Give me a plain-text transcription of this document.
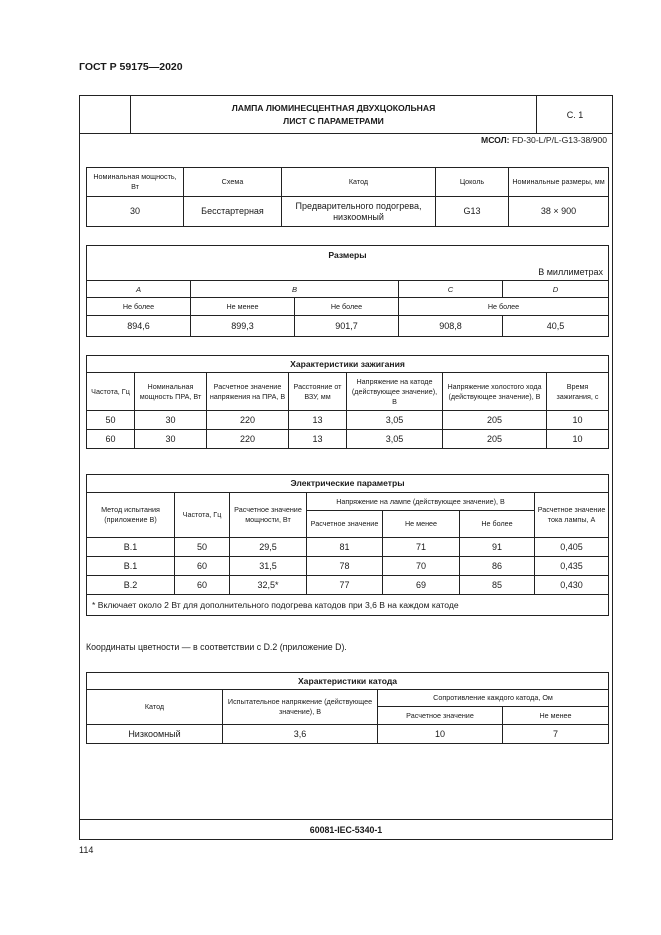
ГОСТ Р 59175—2020
ЛАМПА ЛЮМИНЕСЦЕНТНАЯ ДВУХЦОКОЛЬНАЯ
ЛИСТ С ПАРАМЕТРАМИ
С. 1
МСОЛ: FD-30-L/P/L-G13-38/900
Номинальная мощность, Вт	Схема	Катод	Цоколь	Номинальные размеры, мм
30	Бесстартерная	Предварительного подогрева, низкоомный	G13	38 × 900
Размеры				
В миллиметрах				
A	B		C	D
Не более	Не менее	Не более	Не более	
894,6	899,3	901,7	908,8	40,5
Характеристики зажигания						
Частота, Гц	Номинальная мощность ПРА, Вт	Расчетное значение напряжения на ПРА, В	Расстояние от ВЗУ, мм	Напряжение на катоде (действующее значение), В	Напряжение холостого хода (действующее значение), В	Время зажигания, с
50	30	220	13	3,05	205	10
60	30	220	13	3,05	205	10
Электрические параметры						
Метод испытания (приложение В)	Частота, Гц	Расчетное значение мощности, Вт	Напряжение на лампе (действующее значение), В			Расчетное значение тока лампы, А
			Расчетное значение	Не менее	Не более	
В.1	50	29,5	81	71	91	0,405
В.1	60	31,5	78	70	86	0,435
В.2	60	32,5*	77	69	85	0,430
* Включает около 2 Вт для дополнительного подогрева катодов при 3,6 В на каждом катоде						
Координаты цветности — в соответствии с D.2 (приложение D).
Характеристики катода			
Катод	Испытательное напряжение (действующее значение), В	Сопротивление каждого катода, Ом	
		Расчетное значение	Не менее
Низкоомный	3,6	10	7
60081-IEC-5340-1
114
